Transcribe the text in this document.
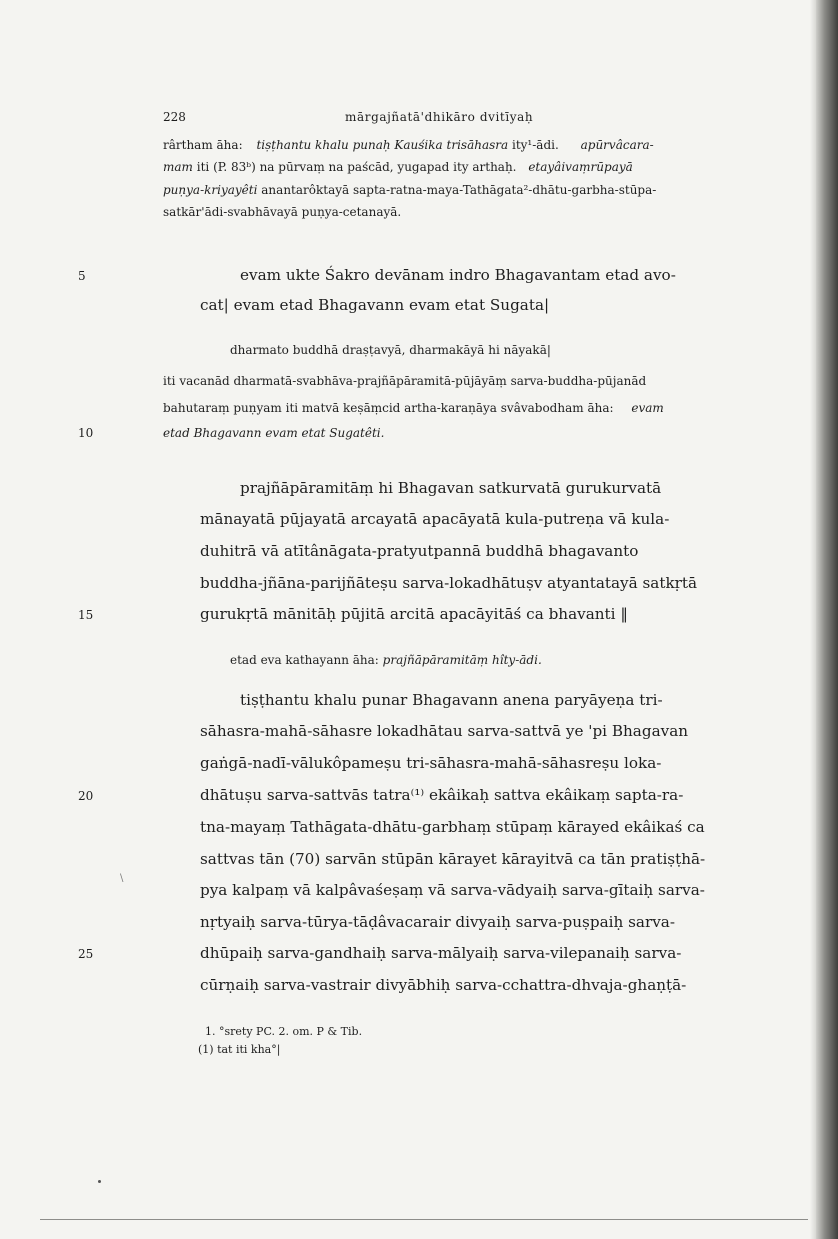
228	mārgajñatā'dhikāro dvitīyaḥ
rârtham āha: tiṣṭhantu khalu punaḥ Kauśika trisāhasra ity¹-ādi. apūrvâcara-
mam iti (P. 83ᵇ) na pūrvaṃ na paścād, yugapad ity arthaḥ. etayâivaṃrūpayā
puṇya-kriyayêti anantarôktayā sapta-ratna-maya-Tathāgata²-dhātu-garbha-stūpa-
satkār'ādi-svabhāvayā puṇya-cetanayā.
5	evam ukte Śakro devānam indro Bhagavantam etad avo-
cat| evam etad Bhagavann evam etat Sugata|
dharmato buddhā draṣṭavyā, dharmakāyā hi nāyakā|
iti vacanād dharmatā-svabhāva-prajñāpāramitā-pūjāyāṃ sarva-buddha-pūjanād
bahutaraṃ puṇyam iti matvā keṣāṃcid artha-karaṇāya svâvabodham āha: evam
10	etad Bhagavann evam etat Sugatêti.
prajñāpāramitāṃ hi Bhagavan satkurvatā gurukurvatā
mānayatā pūjayatā arcayatā apacāyatā kula-putreṇa vā kula-
duhitrā vā atītânāgata-pratyutpannā buddhā bhagavanto
buddha-jñāna-parijñāteṣu sarva-lokadhātuṣv atyantatayā satkṛtā
15	gurukṛtā mānitāḥ pūjitā arcitā apacāyitāś ca bhavanti ‖
etad eva kathayann āha: prajñāpāramitāṃ hîty-ādi.
tiṣṭhantu khalu punar Bhagavann anena paryāyeṇa tri-
sāhasra-mahā-sāhasre lokadhātau sarva-sattvā ye 'pi Bhagavan
gaṅgā-nadī-vālukôpameṣu tri-sāhasra-mahā-sāhasreṣu loka-
20	dhātuṣu sarva-sattvās tatra⁽¹⁾ ekâikaḥ sattva ekâikaṃ sapta-ra-
tna-mayaṃ Tathāgata-dhātu-garbhaṃ stūpaṃ kārayed ekâikaś ca
sattvas tān (70) sarvān stūpān kārayet kārayitvā ca tān pratiṣṭhā-
pya kalpaṃ vā kalpâvaśeṣaṃ vā sarva-vādyaiḥ sarva-gītaiḥ sarva-
nṛtyaiḥ sarva-tūrya-tāḍâvacarair divyaiḥ sarva-puṣpaiḥ sarva-
25	dhūpaiḥ sarva-gandhaiḥ sarva-mālyaiḥ sarva-vilepanaiḥ sarva-
cūrṇaiḥ sarva-vastrair divyābhiḥ sarva-cchattra-dhvaja-ghaṇṭā-
1. °srety PC. 2. om. P & Tib.
(1) tat iti kha°|
\
